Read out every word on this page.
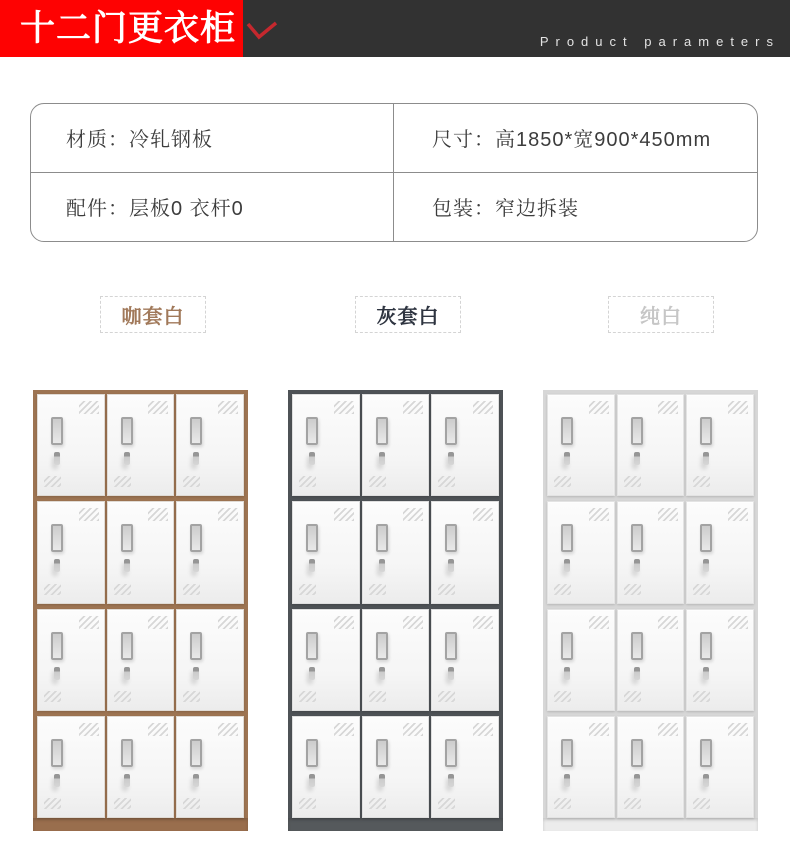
十二门更衣柜	Product parameters
材质：冷轧钢板	尺寸：高1850*宽900*450mm
配件：层板0 衣杆0	包装：窄边拆装
咖套白	灰套白	纯白
